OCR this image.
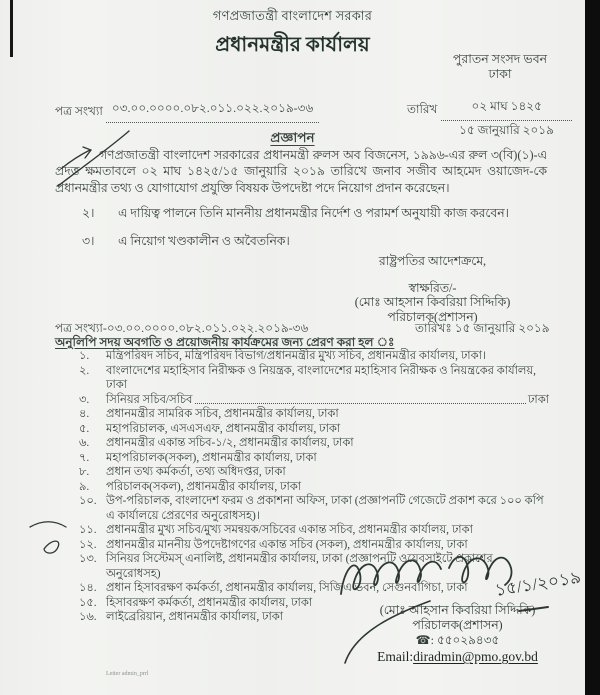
গণপ্রজাতন্ত্রী বাংলাদেশ সরকার
প্রধানমন্ত্রীর কার্যালয়
পুরাতন সংসদ ভবন
ঢাকা
পত্র সংখ্যা ০৩.০০.০০০০.০৮২.০১১.০২২.২০১৯-৩৬	তারিখ	০২ মাঘ ১৪২৫
১৫ জানুয়ারি ২০১৯
প্রজ্ঞাপন
গণপ্রজাতন্ত্রী বাংলাদেশ সরকারের প্রধানমন্ত্রী রুলস অব বিজনেস, ১৯৯৬-এর রুল ৩(বি)(১)-এ প্রদত্ত ক্ষমতাবলে ০২ মাঘ ১৪২৫/১৫ জানুয়ারি ২০১৯ তারিখে জনাব সজীব আহমেদ ওয়াজেদ-কে প্রধানমন্ত্রীর তথ্য ও যোগাযোগ প্রযুক্তি বিষয়ক উপদেষ্টা পদে নিয়োগ প্রদান করেছেন।
২।	এ দায়িত্ব পালনে তিনি মাননীয় প্রধানমন্ত্রীর নির্দেশ ও পরামর্শ অনুযায়ী কাজ করবেন।
৩।	এ নিয়োগ খণ্ডকালীন ও অবৈতনিক।
রাষ্ট্রপতির আদেশক্রমে,
স্বাক্ষরিত/-
(মোঃ আহসান কিবরিয়া সিদ্দিকি)
পরিচালক(প্রশাসন)
পত্র সংখ্যা-০৩.০০.০০০০.০৮২.০১১.০২২.২০১৯-৩৬	তারিখঃ ১৫ জানুয়ারি ২০১৯
অনুলিপি সদয় অবগতি ও প্রয়োজনীয় কার্যক্রমের জন্য প্রেরণ করা হল ঃ
১.	মন্ত্রিপরিষদ সচিব, মন্ত্রিপরিষদ বিভাগ/প্রধানমন্ত্রীর মুখ্য সচিব, প্রধানমন্ত্রীর কার্যালয়, ঢাকা।
২.	বাংলাদেশের মহাহিসাব নিরীক্ষক ও নিয়ন্ত্রক, বাংলাদেশের মহাহিসাব নিরীক্ষক ও নিয়ন্ত্রকের কার্যালয়, ঢাকা
৩.	সিনিয়র সচিব/সচিব	ঢাকা
৪.	প্রধানমন্ত্রীর সামরিক সচিব, প্রধানমন্ত্রীর কার্যালয়, ঢাকা
৫.	মহাপরিচালক, এসএসএফ, প্রধানমন্ত্রীর কার্যালয়, ঢাকা
৬.	প্রধানমন্ত্রীর একান্ত সচিব-১/২, প্রধানমন্ত্রীর কার্যালয়, ঢাকা
৭.	মহাপরিচালক(সকল), প্রধানমন্ত্রীর কার্যালয়, ঢাকা
৮.	প্রধান তথ্য কর্মকর্তা, তথ্য অধিদপ্তর, ঢাকা
৯.	পরিচালক(সকল), প্রধানমন্ত্রীর কার্যালয়, ঢাকা
১০. উপ-পরিচালক, বাংলাদেশ ফরম ও প্রকাশনা অফিস, ঢাকা (প্রজ্ঞাপনটি গেজেটে প্রকাশ করে ১০০ কপি এ কার্যালয়ে প্রেরণের অনুরোধসহ)।
১১. প্রধানমন্ত্রীর মুখ্য সচিব/মুখ্য সমন্বয়ক/সচিবের একান্ত সচিব, প্রধানমন্ত্রীর কার্যালয়, ঢাকা
১২. প্রধানমন্ত্রীর মাননীয় উপদেষ্টাগণের একান্ত সচিব (সকল), প্রধানমন্ত্রীর কার্যালয়, ঢাকা
১৩. সিনিয়র সিস্টেমস্ এনালিষ্ট, প্রধানমন্ত্রীর কার্যালয়, ঢাকা (প্রজ্ঞাপনটি ওয়েবসাইটে প্রকাশের অনুরোধসহ)
১৪. প্রধান হিসাবরক্ষণ কর্মকর্তা, প্রধানমন্ত্রীর কার্যালয়, সিজিএ ভবন, সেগুনবাগিচা, ঢাকা
১৫. হিসাবরক্ষণ কর্মকর্তা, প্রধানমন্ত্রীর কার্যালয়, ঢাকা
১৬. লাইব্রেরিয়ান, প্রধানমন্ত্রীর কার্যালয়, ঢাকা	(মোঃ আহসান কিবরিয়া সিদ্দিকি)
পরিচালক(প্রশাসন)
☎: ৫৫০২৯৪৩৫
Email:diradmin@pmo.gov.bd
Letter admin_prrl
১৫/১/২০১৯
